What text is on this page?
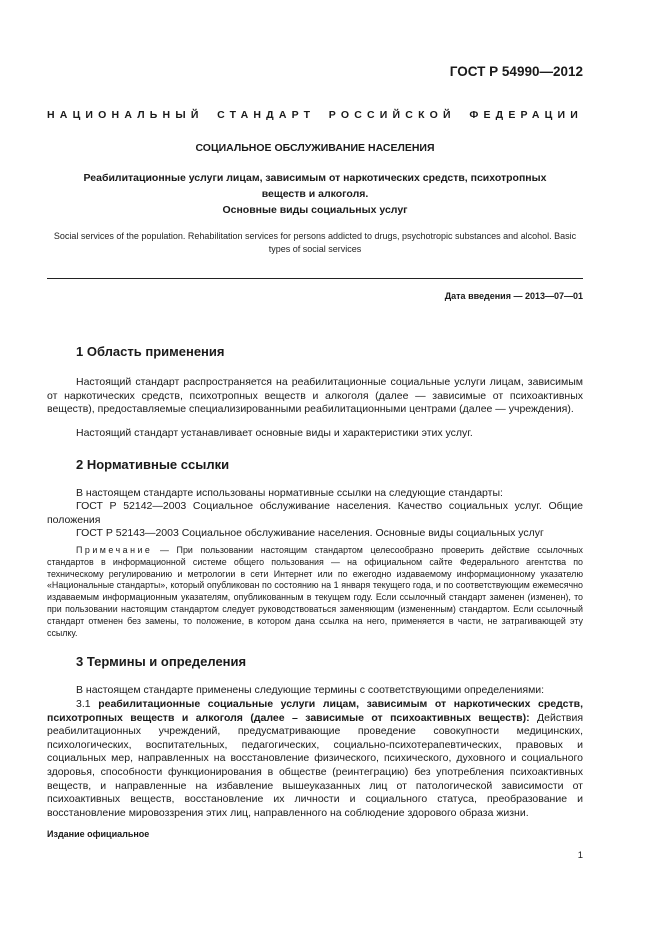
ГОСТ Р 54990—2012
НАЦИОНАЛЬНЫЙ СТАНДАРТ РОССИЙСКОЙ ФЕДЕРАЦИИ
СОЦИАЛЬНОЕ ОБСЛУЖИВАНИЕ НАСЕЛЕНИЯ
Реабилитационные услуги лицам, зависимым от наркотических средств, психотропных
веществ и алкоголя.
Основные виды социальных услуг
Social services of the population. Rehabilitation services for persons addicted to drugs, psychotropic substances and alcohol. Basic types of social services
Дата введения — 2013—07—01
1 Область применения
Настоящий стандарт распространяется на реабилитационные социальные услуги лицам, зависимым от наркотических средств, психотропных веществ и алкоголя (далее — зависимые от психоактивных веществ), предоставляемые специализированными реабилитационными центрами (далее — учреждения).
Настоящий стандарт устанавливает основные виды и характеристики этих услуг.
2 Нормативные ссылки
В настоящем стандарте использованы нормативные ссылки на следующие стандарты:
ГОСТ Р 52142—2003 Социальное обслуживание населения. Качество социальных услуг. Общие положения
ГОСТ Р 52143—2003 Социальное обслуживание населения. Основные виды социальных услуг
Примечание — При пользовании настоящим стандартом целесообразно проверить действие ссылочных стандартов в информационной системе общего пользования — на официальном сайте Федерального агентства по техническому регулированию и метрологии в сети Интернет или по ежегодно издаваемому информационному указателю «Национальные стандарты», который опубликован по состоянию на 1 января текущего года, и по соответствующим ежемесячно издаваемым информационным указателям, опубликованным в текущем году. Если ссылочный стандарт заменен (изменен), то при пользовании настоящим стандартом следует руководствоваться заменяющим (измененным) стандартом. Если ссылочный стандарт отменен без замены, то положение, в котором дана ссылка на него, применяется в части, не затрагивающей эту ссылку.
3 Термины и определения
В настоящем стандарте применены следующие термины с соответствующими определениями:
3.1 реабилитационные социальные услуги лицам, зависимым от наркотических средств, психотропных веществ и алкоголя (далее – зависимые от психоактивных веществ): Действия реабилитационных учреждений, предусматривающие проведение совокупности медицинских, психологических, воспитательных, педагогических, социально-психотерапевтических, правовых и социальных мер, направленных на восстановление физического, психического, духовного и социального здоровья, способности функционирования в обществе (реинтеграцию) без употребления психоактивных веществ, и направленные на избавление вышеуказанных лиц от патологической зависимости от психоактивных веществ, восстановление их личности и социального статуса, преобразование и восстановление мировоззрения этих лиц, направленного на соблюдение здорового образа жизни.
Издание официальное
1
